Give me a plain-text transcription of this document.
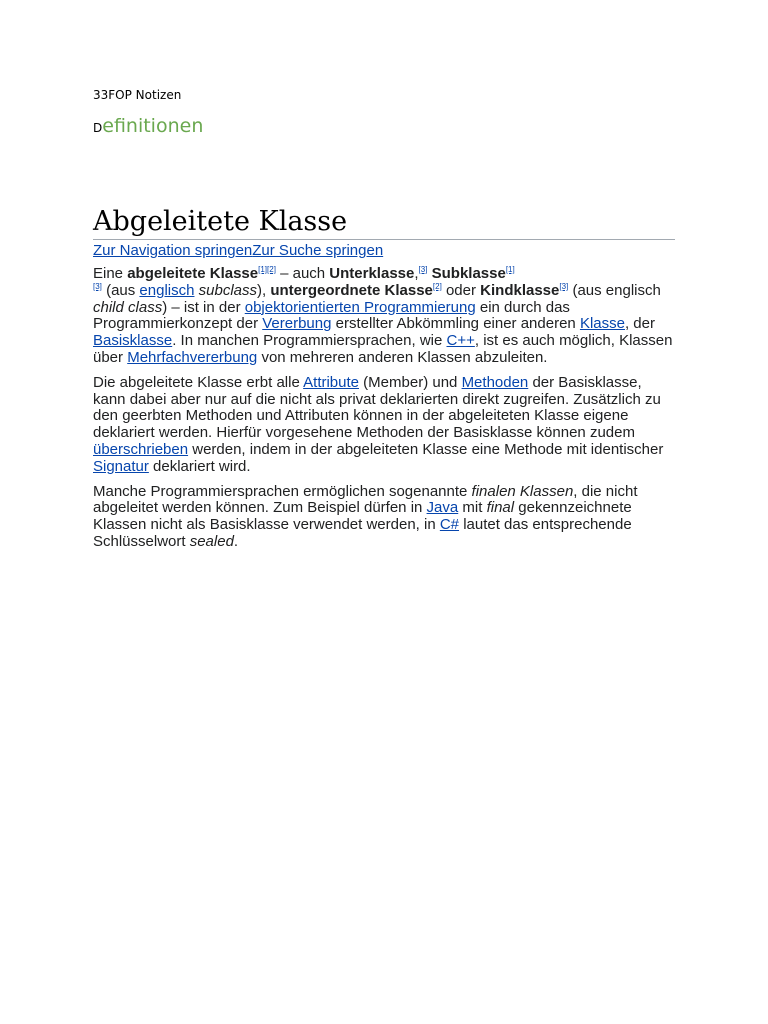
33FOP Notizen
Definitionen
Abgeleitete Klasse
Zur Navigation springenZur Suche springen

Eine abgeleitete Klasse[1][2] – auch Unterklasse,[3] Subklasse[1]
[3] (aus englisch subclass), untergeordnete Klasse[2] oder Kindklasse[3] (aus englisch child class) – ist in der objektorientierten Programmierung ein durch das Programmierkonzept der Vererbung erstellter Abkömmling einer anderen Klasse, der Basisklasse. In manchen Programmiersprachen, wie C++, ist es auch möglich, Klassen über Mehrfachvererbung von mehreren anderen Klassen abzuleiten.

Die abgeleitete Klasse erbt alle Attribute (Member) und Methoden der Basisklasse, kann dabei aber nur auf die nicht als privat deklarierten direkt zugreifen. Zusätzlich zu den geerbten Methoden und Attributen können in der abgeleiteten Klasse eigene deklariert werden. Hierfür vorgesehene Methoden der Basisklasse können zudem überschrieben werden, indem in der abgeleiteten Klasse eine Methode mit identischer Signatur deklariert wird.

Manche Programmiersprachen ermöglichen sogenannte finalen Klassen, die nicht abgeleitet werden können. Zum Beispiel dürfen in Java mit final gekennzeichnete Klassen nicht als Basisklasse verwendet werden, in C# lautet das entsprechende Schlüsselwort sealed.
